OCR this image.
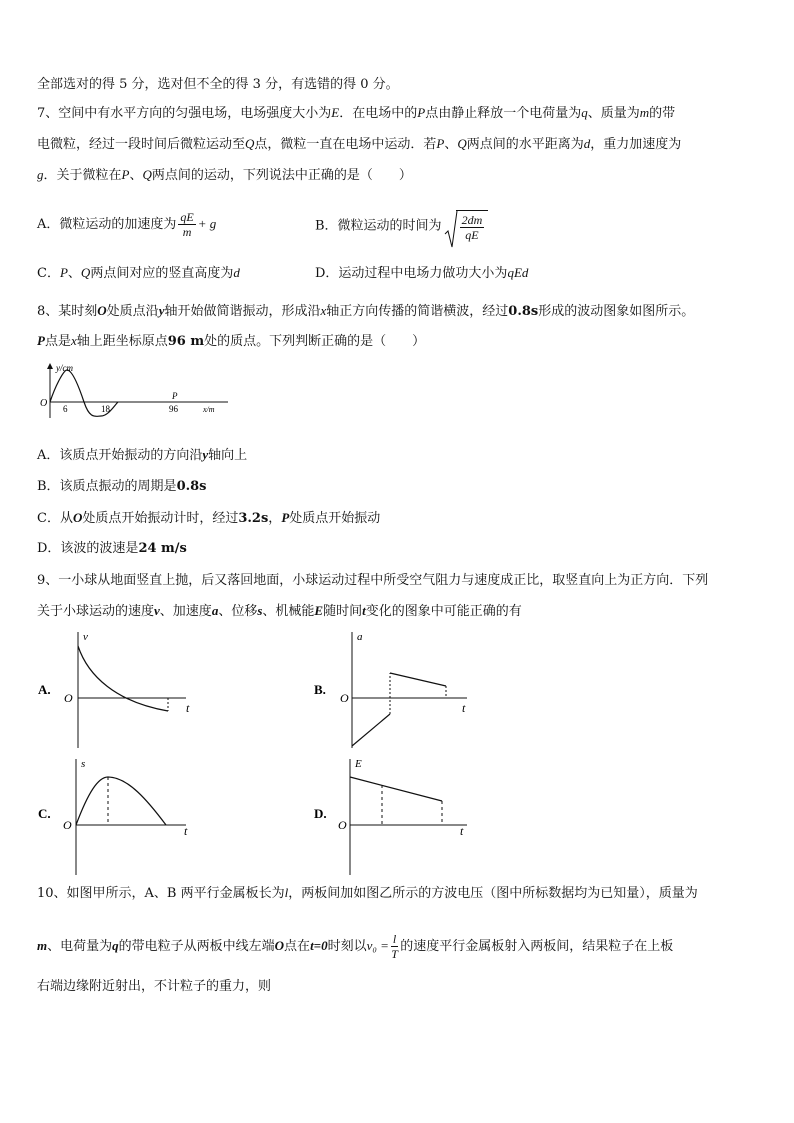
全部选对的得 5 分，选对但不全的得 3 分，有选错的得 0 分。
7、空间中有水平方向的匀强电场，电场强度大小为E．在电场中的P点由静止释放一个电荷量为q、质量为m的带
电微粒，经过一段时间后微粒运动至Q点，微粒一直在电场中运动．若P、Q两点间的水平距离为d，重力加速度为
g．关于微粒在P、Q两点间的运动，下列说法中正确的是（　　）
A．微粒运动的加速度为 $\frac{qE}{m} + g$	B．微粒运动的时间为 $\frac{2dm}{qE}$
C．P、Q两点间对应的竖直高度为d	D．运动过程中电场力做功大小为qEd
8、某时刻O处质点沿y轴开始做简谐振动，形成沿x轴正方向传播的简谐横波，经过0.8s形成的波动图象如图所示。
P点是x轴上距坐标原点96 m处的质点。下列判断正确的是（　　）
y/cm
O 6	18	96
P
x/m
A．该质点开始振动的方向沿y轴向上
B．该质点振动的周期是0.8s
C．从O处质点开始振动计时，经过3.2s，P处质点开始振动
D．该波的波速是24 m/s
9、一小球从地面竖直上抛，后又落回地面，小球运动过程中所受空气阻力与速度成正比，取竖直向上为正方向．下列
关于小球运动的速度v、加速度a、位移s、机械能E随时间t变化的图象中可能正确的有
A.
v
O
t
B.
a
O
t
C.
s
O	t
D.
E
O	t
10、如图甲所示，A、B 两平行金属板长为l，两板间加如图乙所示的方波电压（图中所标数据均为已知量），质量为
m、电荷量为q的带电粒子从两板中线左端O点在t=0时刻以$v_0 = \frac{l}{T}$ 的速度平行金属板射入两板间，结果粒子在上板
右端边缘附近射出，不计粒子的重力，则
